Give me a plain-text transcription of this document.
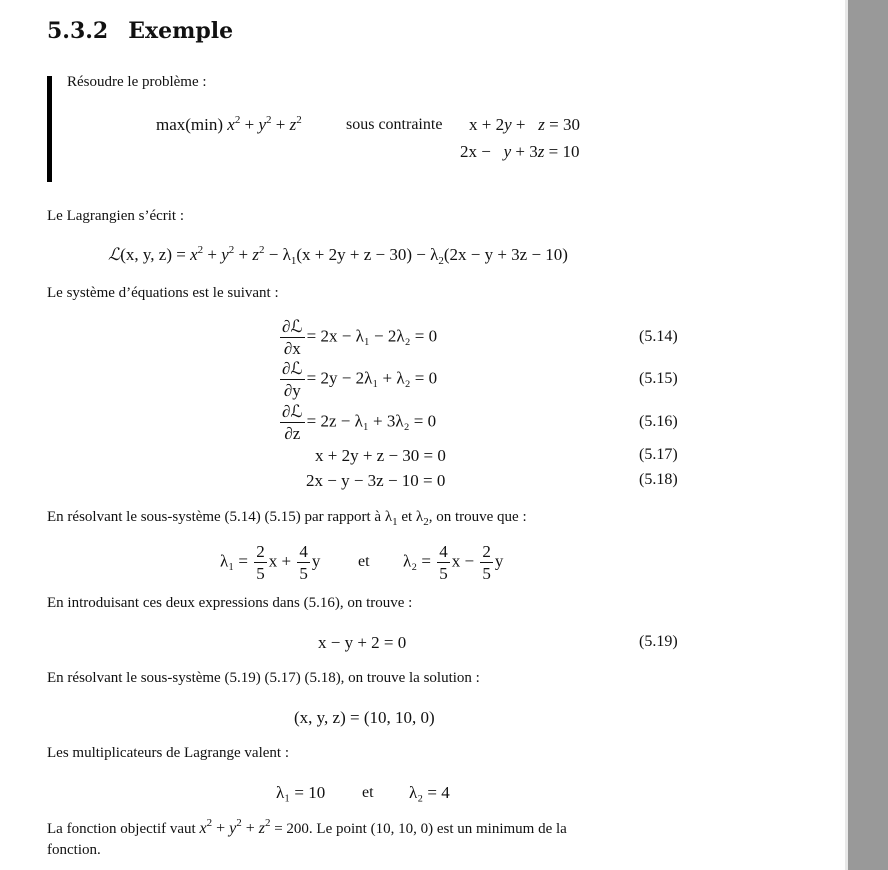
5.3.2 Exemple
Résoudre le problème :
max(min) $x^2 + y^2 + z^2$	sous contrainte x + 2y +   z = 30
2x −   y + 3z = 10
Le Lagrangien s’écrit :
ℒ(x, y, $z) = x^2 + y^2 + z^2 - \lambda_1(x + 2y + z - 30) - \lambda_2(2x - y + 3z - 10)$
Le système d’équations est le suivant :
$\frac{\text{∂ℒ}}{\partial x} = 2x - \lambda_1 - 2\lambda_2 = 0$	(5.14)
$\frac{\text{∂ℒ}}{\partial y} = 2y - 2\lambda_1 + \lambda_2 = 0$	(5.15)
$\frac{\text{∂ℒ}}{\partial z} = 2z - \lambda_1 + 3\lambda_2 = 0$	(5.16)
x + 2y + z − 30 = 0	(5.17)
2x − y − 3z − 10 = 0	(5.18)
En résolvant le sous-système (5.14) (5.15) par rapport à $\lambda_1$ et $\lambda_2$, on trouve que :
$\lambda_1 = \frac{2}{5}$ $x + \frac{4}{5}$ y et $\lambda_2 = \frac{4}{5}$ $x - \frac{2}{5}$ y
En introduisant ces deux expressions dans (5.16), on trouve :
x − y + 2 = 0	(5.19)
En résolvant le sous-système (5.19) (5.17) (5.18), on trouve la solution :
(x, y, z) = (10, 10, 0)
Les multiplicateurs de Lagrange valent :
λ₁ = 10 et λ₂ = 4
La fonction objectif vaut $x^2 + y^2 + z^2 = 200$. Le point (10, 10, 0) est un minimum de la
fonction.
